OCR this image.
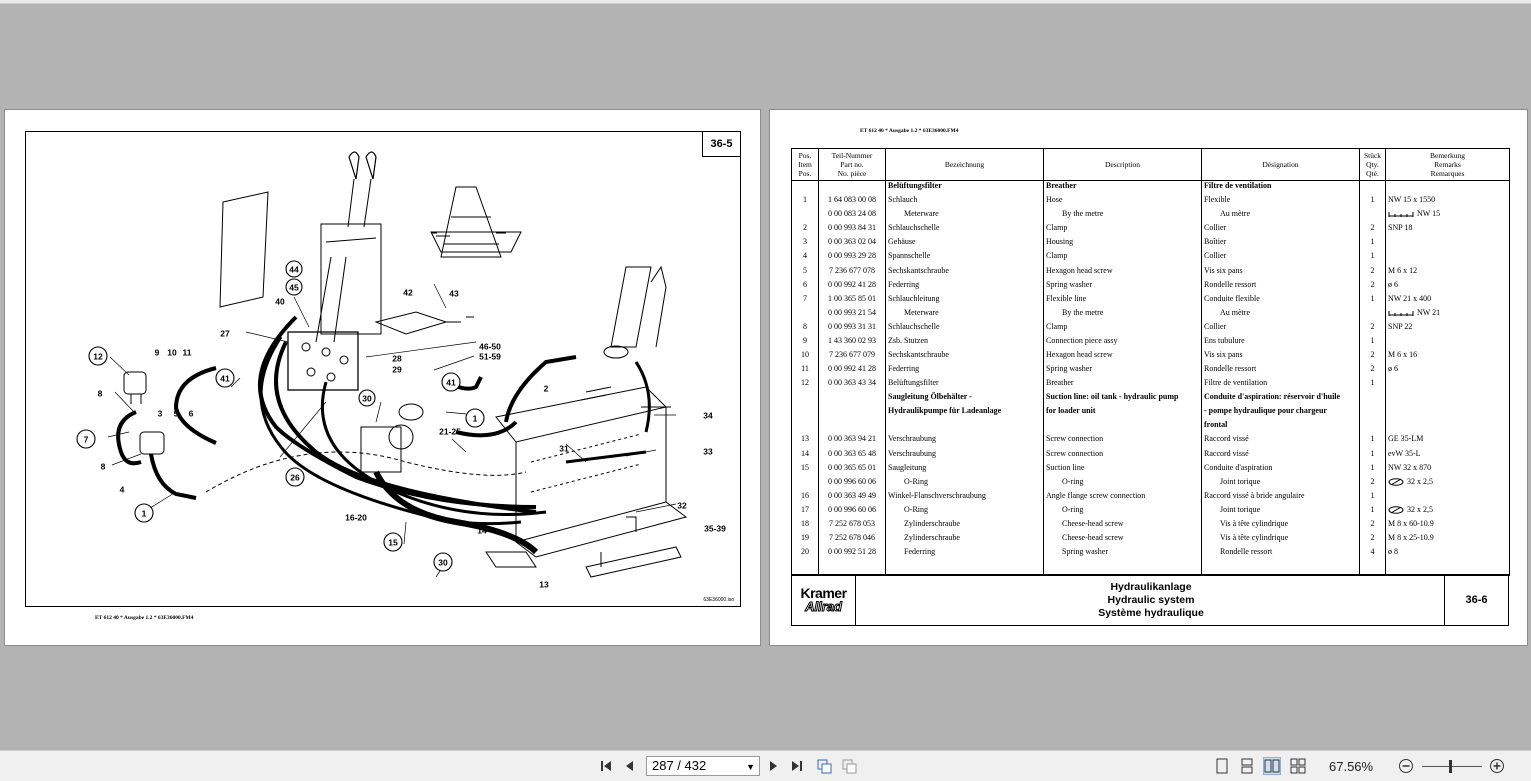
36-5
12	9 10 11
8
3 5 6
7
8
4
1
41
27
40
44
45	42	43
46-50
51-59
28
29
41
30
2
1
21-25
34
31	33
26
16-20
32
35-39
14
15
30
13
63E36000.iso
ET 612 40 * Ausgabe 1.2 * 63E36000.FM4
ET 612 40 * Ausgabe 1.2 * 63E36000.FM4
Pos.
Item
Pos.	Teil-Nummer
Part no.
No. pièce	Bezeichnung	Description	Désignation	Stück
Qty.
Qté.	Bemerkung
Remarks
Remarques
		Belüftungsfilter	Breather	Filtre de ventilation		
1	1 64 083 00 08	Schlauch	Hose	Flexible	1	NW 15 x 1550
	0 00 083 24 08	Meterware	By the metre	Au mètre		NW 15
2	0 00 993 84 31	Schlauchschelle	Clamp	Collier	2	SNP 18
3	0 00 363 02 04	Gehäuse	Housing	Boîtier	1	
4	0 00 993 29 28	Spannschelle	Clamp	Collier	1	
5	7 236 677 078	Sechskantschraube	Hexagon head screw	Vis six pans	2	M 6 x 12
6	0 00 992 41 28	Federring	Spring washer	Rondelle ressort	2	ø 6
7	1 00 365 85 01	Schlauchleitung	Flexible line	Conduite flexible	1	NW 21 x 400
	0 00 993 21 54	Meterware	By the metre	Au mètre		NW 21
8	0 00 993 31 31	Schlauchschelle	Clamp	Collier	2	SNP 22
9	1 43 360 02 93	Zsb. Stutzen	Connection piece assy	Ens tubulure	1	
10	7 236 677 079	Sechskantschraube	Hexagon head screw	Vis six pans	2	M 6 x 16
11	0 00 992 41 28	Federring	Spring washer	Rondelle ressort	2	ø 6
12	0 00 363 43 34	Belüftungsfilter	Breather	Filtre de ventilation	1	
		Saugleitung Ölbehälter -	Suction line: oil tank - hydraulic pump	Conduite d'aspiration: réservoir d'huile		
		Hydraulikpumpe für Ladeanlage	for loader unit	- pompe hydraulique pour chargeur		
				frontal		
13	0 00 363 94 21	Verschraubung	Screw connection	Raccord vissé	1	GE 35-LM
14	0 00 363 65 48	Verschraubung	Screw connection	Raccord vissé	1	evW 35-L
15	0 00 365 65 01	Saugleitung	Suction line	Conduite d'aspiration	1	NW 32 x 870
	0 00 996 60 06	O-Ring	O-ring	Joint torique	2	32 x 2,5
16	0 00 363 49 49	Winkel-Flanschverschraubung	Angle flange screw connection	Raccord vissé à bride angulaire	1	
17	0 00 996 60 06	O-Ring	O-ring	Joint torique	1	32 x 2,5
18	7 252 678 053	Zylinderschraube	Cheese-head screw	Vis à tête cylindrique	2	M 8 x 60-10.9
19	7 252 678 046	Zylinderschraube	Cheese-head screw	Vis à tête cylindrique	2	M 8 x 25-10.9
20	0 00 992 51 28	Federring	Spring washer	Rondelle ressort	4	ø 8

Kramer
Allrad
Hydraulikanlage
Hydraulic system
Système hydraulique
36-6
287 / 432	▼	67.56%
